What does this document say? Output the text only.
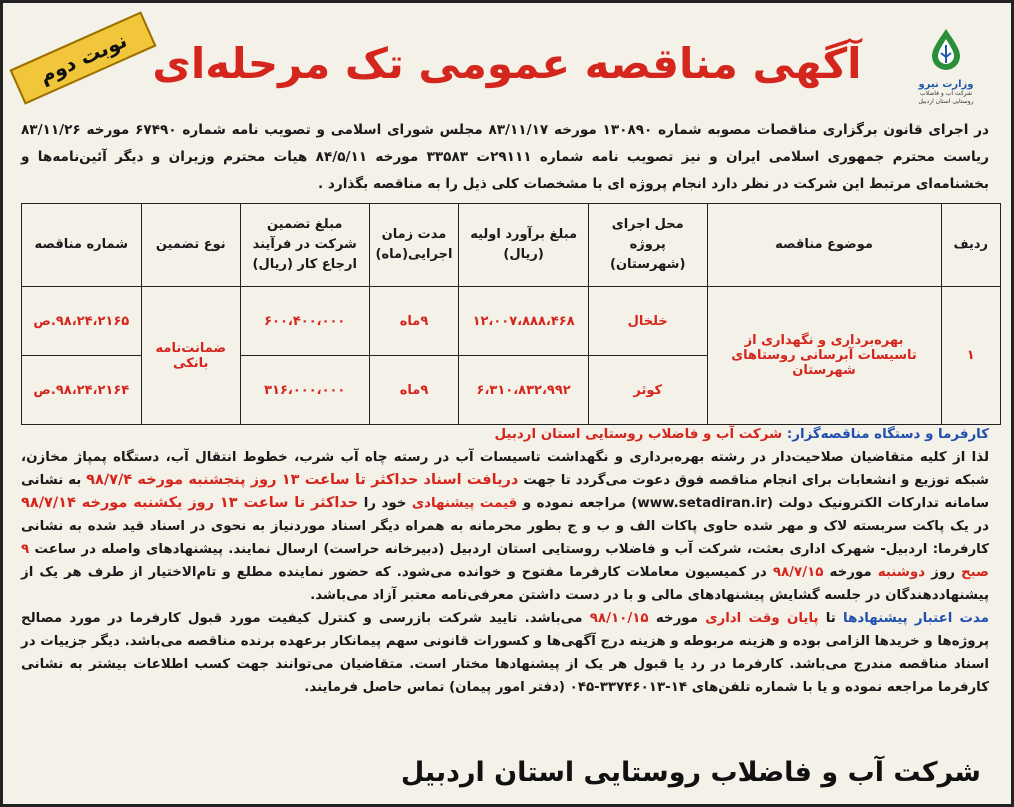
وزارت نیرو
شرکت آب و فاضلاب روستایی استان اردبیل
آگهی مناقصه عمومی تک مرحله‌ای
نوبت دوم
در اجرای قانون برگزاری مناقصات مصوبه شماره ۱۳۰۸۹۰ مورخه ۸۳/۱۱/۱۷ مجلس شورای اسلامی و تصویب نامه شماره ۶۷۴۹۰ مورخه ۸۳/۱۱/۲۶ ریاست محترم جمهوری اسلامی ایران و نیز تصویب نامه شماره ۲۹۱۱۱ت ۳۳۵۸۳ مورخه ۸۴/۵/۱۱ هیات محترم وزیران و دیگر آئین‌نامه‌ها و بخشنامه‌ای مرتبط این شرکت در نظر دارد انجام پروژه ای با مشخصات کلی ذیل را به مناقصه بگذارد .
ردیف	موضوع مناقصه	محل اجرای پروژه (شهرستان)	مبلغ برآورد اولیه (ریال)	مدت زمان اجرایی(ماه)	مبلغ تضمین شرکت در فرآیند ارجاع کار (ریال)	نوع تضمین	شماره مناقصه
۱	بهره‌برداری و نگهداری از تاسیسات آبرسانی روستاهای شهرستان	خلخال	۱۲،۰۰۷،۸۸۸،۴۶۸	۹ماه	۶۰۰،۴۰۰،۰۰۰	ضمانت‌نامه بانکی	۹۸،۲۴،۲۱۶۵.ص
		کوثر	۶،۳۱۰،۸۳۲،۹۹۲	۹ماه	۳۱۶،۰۰۰،۰۰۰		۹۸،۲۴،۲۱۶۴.ص

کارفرما و دستگاه مناقصه‌گزار: شرکت آب و فاضلاب روستایی استان اردبیل

لذا از کلیه متقاضیان صلاحیت‌دار در رشته بهره‌برداری و نگهداشت تاسیسات آب در رسته چاه آب شرب، خطوط انتقال آب، دستگاه پمپاژ مخازن، شبکه توزیع و انشعابات برای انجام مناقصه فوق دعوت می‌گردد تا جهت دریافت اسناد حداکثر تا ساعت ۱۳ روز پنجشنبه مورخه ۹۸/۷/۴ به نشانی سامانه تدارکات الکترونیک دولت (www.setadiran.ir) مراجعه نموده و قیمت پیشنهادی خود را حداکثر تا ساعت ۱۳ روز یکشنبه مورخه ۹۸/۷/۱۴ در یک پاکت سربسته لاک و مهر شده حاوی پاکات الف و ب و ج بطور محرمانه به همراه دیگر اسناد موردنیاز به نحوی در اسناد قید شده به نشانی کارفرما: اردبیل- شهرک اداری بعثت، شرکت آب و فاضلاب روستایی استان اردبیل (دبیرخانه حراست) ارسال نمایند. پیشنهادهای واصله در ساعت ۹ صبح روز دوشنبه مورخه ۹۸/۷/۱۵ در کمیسیون معاملات کارفرما مفتوح و خوانده می‌شود. که حضور نماینده مطلع و تام‌الاختیار از طرف هر یک از پیشنهاددهندگان در جلسه گشایش پیشنهادهای مالی و با در دست داشتن معرفی‌نامه معتبر آزاد می‌باشد.

مدت اعتبار پیشنهادها تا پایان وقت اداری مورخه ۹۸/۱۰/۱۵ می‌باشد. تایید شرکت بازرسی و کنترل کیفیت مورد قبول کارفرما در مورد مصالح پروژه‌ها و خریدها الزامی بوده و هزینه مربوطه و هزینه درج آگهی‌ها و کسورات قانونی سهم پیمانکار برعهده برنده مناقصه می‌باشد. دیگر جزییات در اسناد مناقصه مندرج می‌باشد. کارفرما در رد یا قبول هر یک از پیشنهادها مختار است. متقاضیان می‌توانند جهت کسب اطلاعات بیشتر به نشانی کارفرما مراجعه نموده و یا با شماره تلفن‌های ۱۴-۳۳۷۴۶۰۱۳-۰۴۵ (دفتر امور پیمان) تماس حاصل فرمایند.

شرکت آب و فاضلاب روستایی استان اردبیل
